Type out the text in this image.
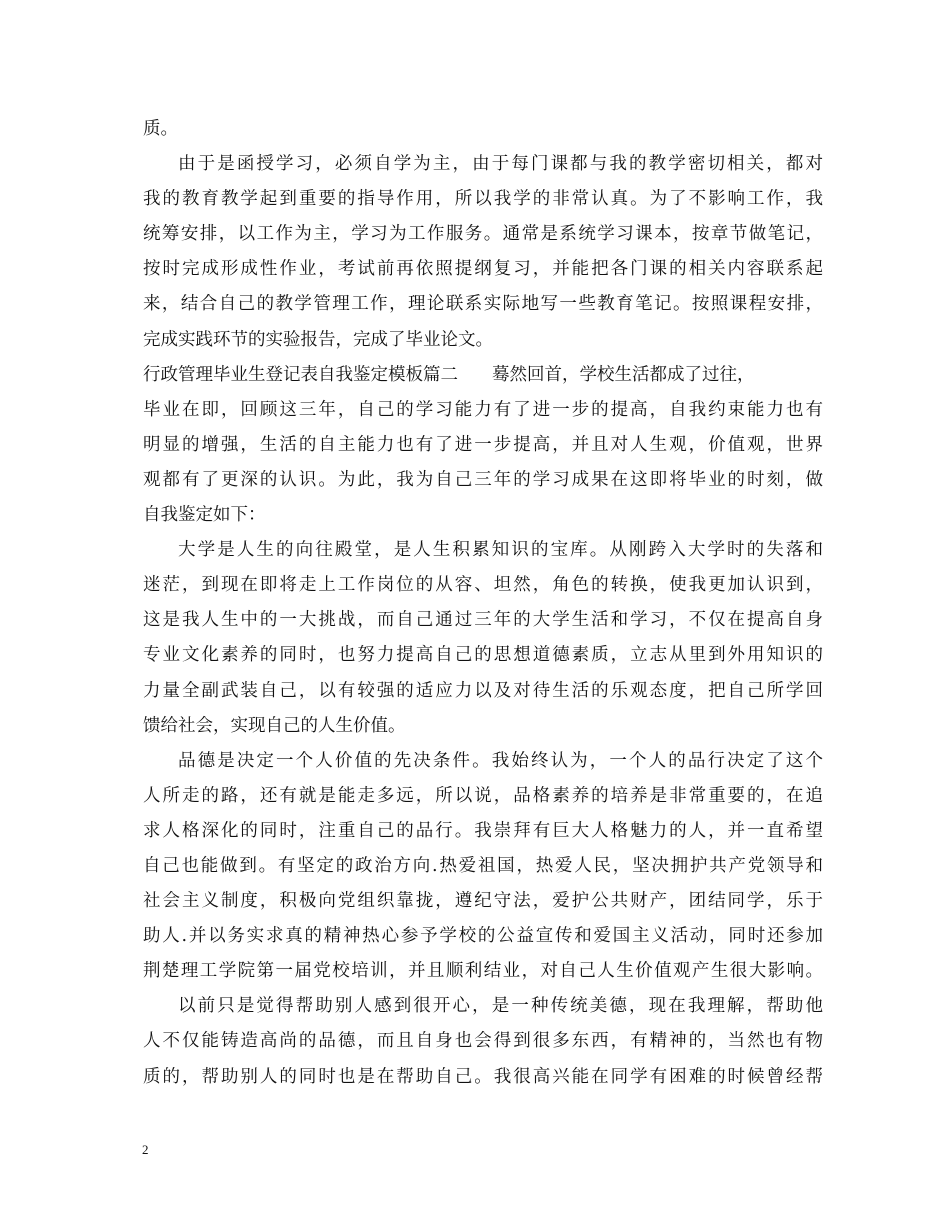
质。
由于是函授学习，必须自学为主，由于每门课都与我的教学密切相关，都对
我的教育教学起到重要的指导作用，所以我学的非常认真。为了不影响工作，我
统筹安排，以工作为主，学习为工作服务。通常是系统学习课本，按章节做笔记，
按时完成形成性作业，考试前再依照提纲复习，并能把各门课的相关内容联系起
来，结合自己的教学管理工作，理论联系实际地写一些教育笔记。按照课程安排，
完成实践环节的实验报告，完成了毕业论文。
行政管理毕业生登记表自我鉴定模板篇二 蓦然回首，学校生活都成了过往，
毕业在即，回顾这三年，自己的学习能力有了进一步的提高，自我约束能力也有
明显的增强，生活的自主能力也有了进一步提高，并且对人生观，价值观，世界
观都有了更深的认识。为此，我为自己三年的学习成果在这即将毕业的时刻，做
自我鉴定如下：
大学是人生的向往殿堂，是人生积累知识的宝库。从刚跨入大学时的失落和
迷茫，到现在即将走上工作岗位的从容、坦然，角色的转换，使我更加认识到，
这是我人生中的一大挑战，而自己通过三年的大学生活和学习，不仅在提高自身
专业文化素养的同时，也努力提高自己的思想道德素质，立志从里到外用知识的
力量全副武装自己，以有较强的适应力以及对待生活的乐观态度，把自己所学回
馈给社会，实现自己的人生价值。
品德是决定一个人价值的先决条件。我始终认为，一个人的品行决定了这个
人所走的路，还有就是能走多远，所以说，品格素养的培养是非常重要的，在追
求人格深化的同时，注重自己的品行。我崇拜有巨大人格魅力的人，并一直希望
自己也能做到。有坚定的政治方向.热爱祖国，热爱人民，坚决拥护共产党领导和
社会主义制度，积极向党组织靠拢，遵纪守法，爱护公共财产，团结同学，乐于
助人.并以务实求真的精神热心参予学校的公益宣传和爱国主义活动，同时还参加
荆楚理工学院第一届党校培训，并且顺利结业，对自己人生价值观产生很大影响。
以前只是觉得帮助别人感到很开心，是一种传统美德，现在我理解，帮助他
人不仅能铸造高尚的品德，而且自身也会得到很多东西，有精神的，当然也有物
质的，帮助别人的同时也是在帮助自己。我很高兴能在同学有困难的时候曾经帮
2
